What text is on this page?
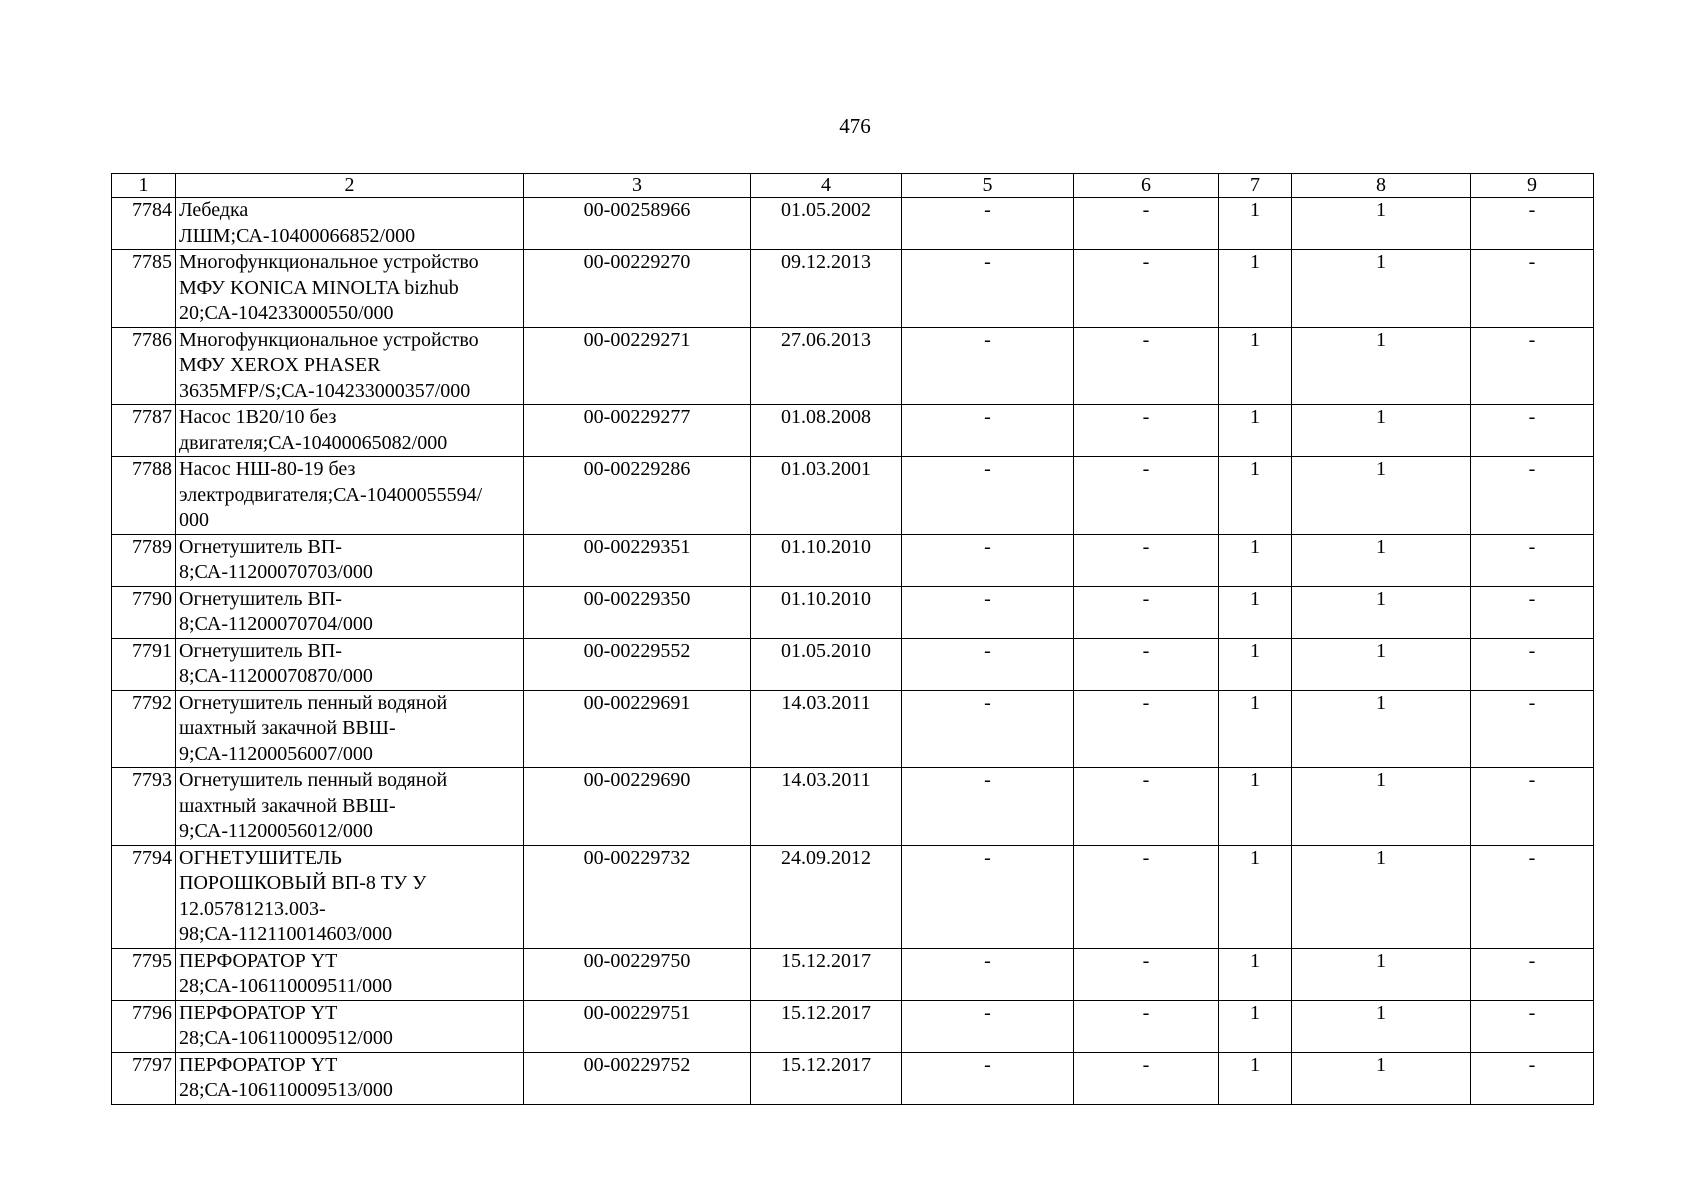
476
1	2	3	4	5	6	7	8	9
7784	Лебедка
ЛШМ;СА-10400066852/000	00-00258966	01.05.2002	-	-	1	1	-
7785	Многофункциональное устройство
МФУ KONICA MINOLTA bizhub
20;СА-104233000550/000	00-00229270	09.12.2013	-	-	1	1	-
7786	Многофункциональное устройство
МФУ XEROX PHASER
3635MFP/S;СА-104233000357/000	00-00229271	27.06.2013	-	-	1	1	-
7787	Насос 1В20/10 без
двигателя;СА-10400065082/000	00-00229277	01.08.2008	-	-	1	1	-
7788	Насос НШ-80-19 без
электродвигателя;СА-10400055594/
000	00-00229286	01.03.2001	-	-	1	1	-
7789	Огнетушитель ВП-
8;СА-11200070703/000	00-00229351	01.10.2010	-	-	1	1	-
7790	Огнетушитель ВП-
8;СА-11200070704/000	00-00229350	01.10.2010	-	-	1	1	-
7791	Огнетушитель ВП-
8;СА-11200070870/000	00-00229552	01.05.2010	-	-	1	1	-
7792	Огнетушитель пенный водяной
шахтный закачной ВВШ-
9;СА-11200056007/000	00-00229691	14.03.2011	-	-	1	1	-
7793	Огнетушитель пенный водяной
шахтный закачной ВВШ-
9;СА-11200056012/000	00-00229690	14.03.2011	-	-	1	1	-
7794	ОГНЕТУШИТЕЛЬ
ПОРОШКОВЫЙ ВП-8 ТУ У
12.05781213.003-
98;СА-112110014603/000	00-00229732	24.09.2012	-	-	1	1	-
7795	ПЕРФОРАТОР YT
28;СА-106110009511/000	00-00229750	15.12.2017	-	-	1	1	-
7796	ПЕРФОРАТОР YT
28;СА-106110009512/000	00-00229751	15.12.2017	-	-	1	1	-
7797	ПЕРФОРАТОР YT
28;СА-106110009513/000	00-00229752	15.12.2017	-	-	1	1	-
